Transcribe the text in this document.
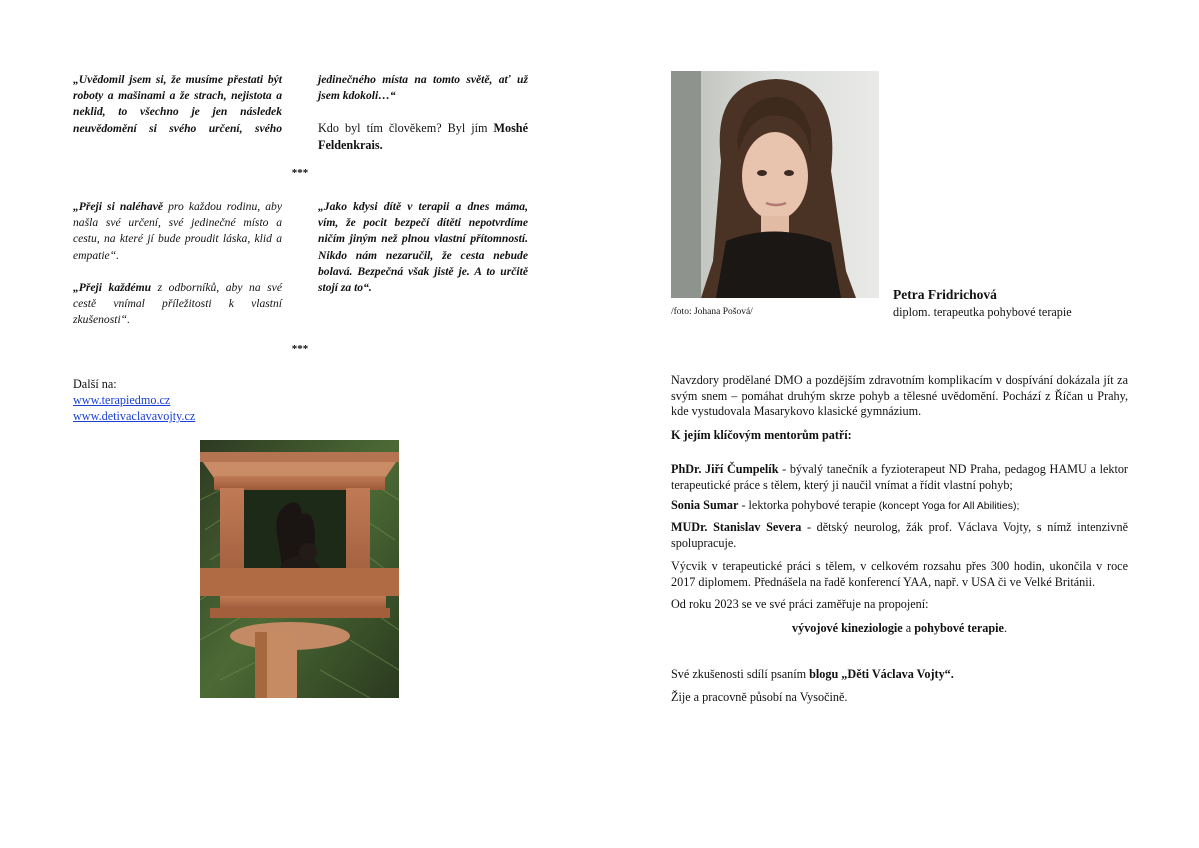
„Uvědomil jsem si, že musíme přestati být roboty a mašinami a že strach, nejistota a neklid, to všechno je jen následek neuvědomění si svého určení, svého
jedinečného místa na tomto světě, ať už jsem kdokoli…“
Kdo byl tím člověkem? Byl jím Moshé Feldenkrais.
***
„Přeji si naléhavě pro každou rodinu, aby našla své určení, své jedinečné místo a cestu, na které jí bude proudit láska, klid a empatie“.
„Přeji každému z odborníků, aby na své cestě vnímal příležitosti k vlastní zkušenosti“.
„Jako kdysi dítě v terapii a dnes máma, vím, že pocit bezpečí dítěti nepotvrdíme ničím jiným než plnou vlastní přítomností. Nikdo nám nezaručil, že cesta nebude bolavá. Bezpečná však jistě je. A to určitě stojí za to“.
***
Další na:
www.terapiedmo.cz
www.detivaclavavojty.cz
/foto: Johana Pošová/
Petra Fridrichová
diplom. terapeutka pohybové terapie
Navzdory prodělané DMO a pozdějším zdravotním komplikacím v dospívání dokázala jít za svým snem – pomáhat druhým skrze pohyb a tělesné uvědomění. Pochází z Říčan u Prahy, kde vystudovala Masarykovo klasické gymnázium.
K jejím klíčovým mentorům patří:
PhDr. Jiří Čumpelík - bývalý tanečník a fyzioterapeut ND Praha, pedagog HAMU a lektor terapeutické práce s tělem, který ji naučil vnímat a řídit vlastní pohyb;
Sonia Sumar - lektorka pohybové terapie (koncept Yoga for All Abilities);
MUDr. Stanislav Severa - dětský neurolog, žák prof. Václava Vojty, s nímž intenzivně spolupracuje.
Výcvik v terapeutické práci s tělem, v celkovém rozsahu přes 300 hodin, ukončila v roce 2017 diplomem. Přednášela na řadě konferencí YAA, např. v USA či ve Velké Británii.
Od roku 2023 se ve své práci zaměřuje na propojení:
vývojové kineziologie a pohybové terapie.
Své zkušenosti sdílí psaním blogu „Děti Václava Vojty“.
Žije a pracovně působí na Vysočině.
